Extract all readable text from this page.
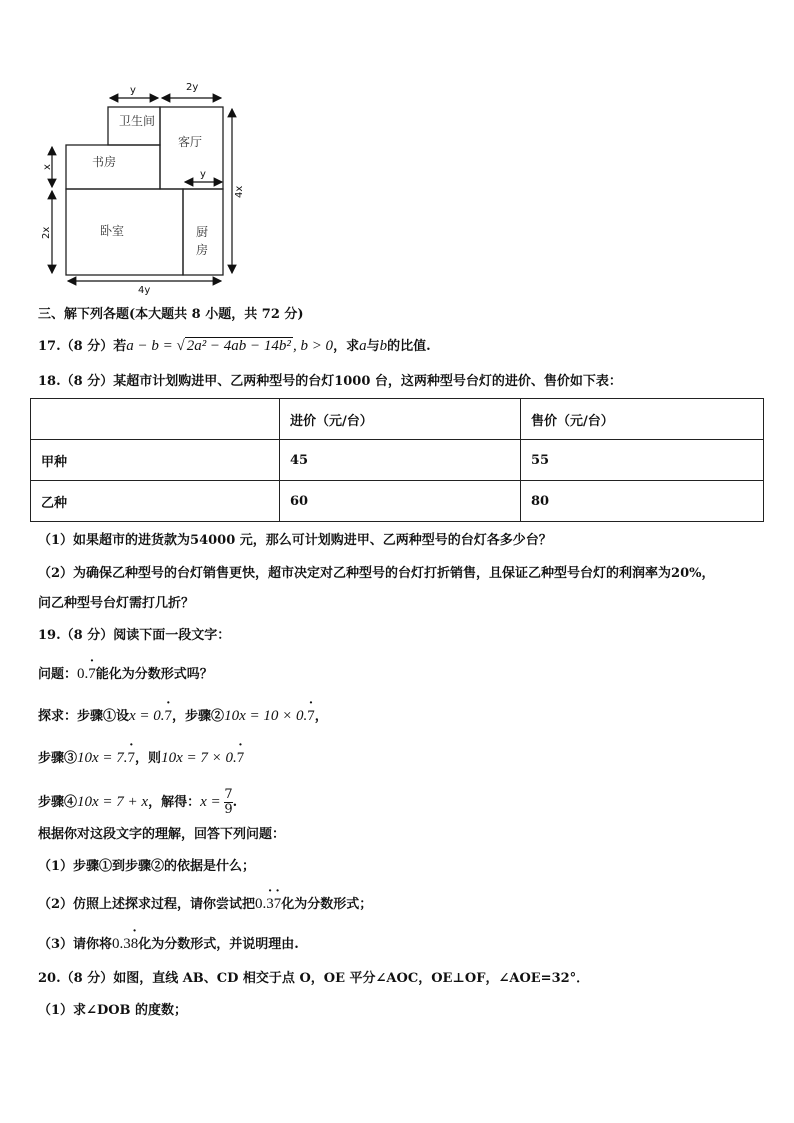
卫生间
客厅
书房
卧室	厨
房
y	2y
y
x
2x
4x
4y
三、解下列各题(本大题共 8 小题，共 72 分)
17.（8 分）若a − b = √ 2a² − 4ab − 14b² , b > 0，求a与b的比值.
18.（8 分）某超市计划购进甲、乙两种型号的台灯1000 台，这两种型号台灯的进价、售价如下表：
	进价（元/台）	售价（元/台）
甲种	45	55
乙种	60	80
（1）如果超市的进货款为54000 元，那么可计划购进甲、乙两种型号的台灯各多少台？
（2）为确保乙种型号的台灯销售更快，超市决定对乙种型号的台灯打折销售，且保证乙种型号台灯的利润率为20%，
问乙种型号台灯需打几折？
19.（8 分）阅读下面一段文字：
问题：0.· 7能化为分数形式吗？
探求：步骤①设x = 0.· 7，步骤②10x = 10 × 0.· 7，
步骤③10x = 7.· 7，则10x = 7 × 0.· 7
步骤④10x = 7 + x，解得：$x = \frac{7}{9}$ .
根据你对这段文字的理解，回答下列问题：
（1）步骤①到步骤②的依据是什么；
（2）仿照上述探求过程，请你尝试把0.· 3· 7化为分数形式；
（3）请你将0.3· 8化为分数形式，并说明理由.
20.（8 分）如图，直线 AB、CD 相交于点 O，OE 平分∠AOC，OE⊥OF，∠AOE=32°．
（1）求∠DOB 的度数；
